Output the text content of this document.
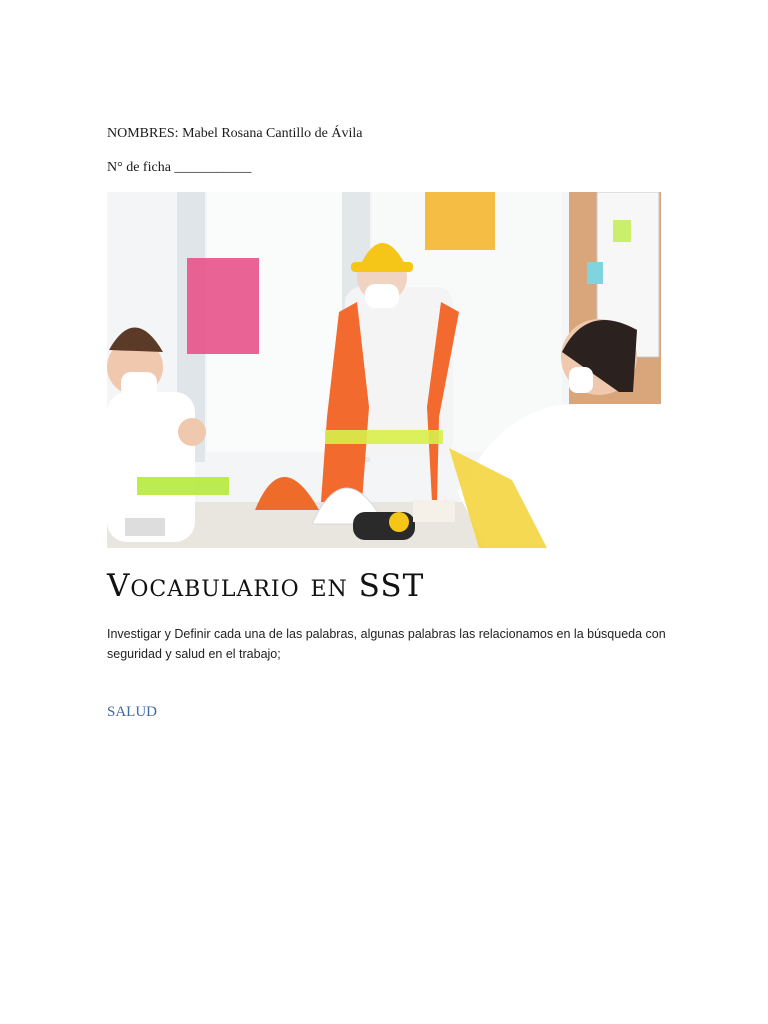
NOMBRES: Mabel Rosana Cantillo de Ávila
N° de ficha ___________
Vocabulario en SST
Investigar y Definir cada una de las palabras, algunas palabras las relacionamos en la búsqueda con seguridad y salud en el trabajo;
SALUD
